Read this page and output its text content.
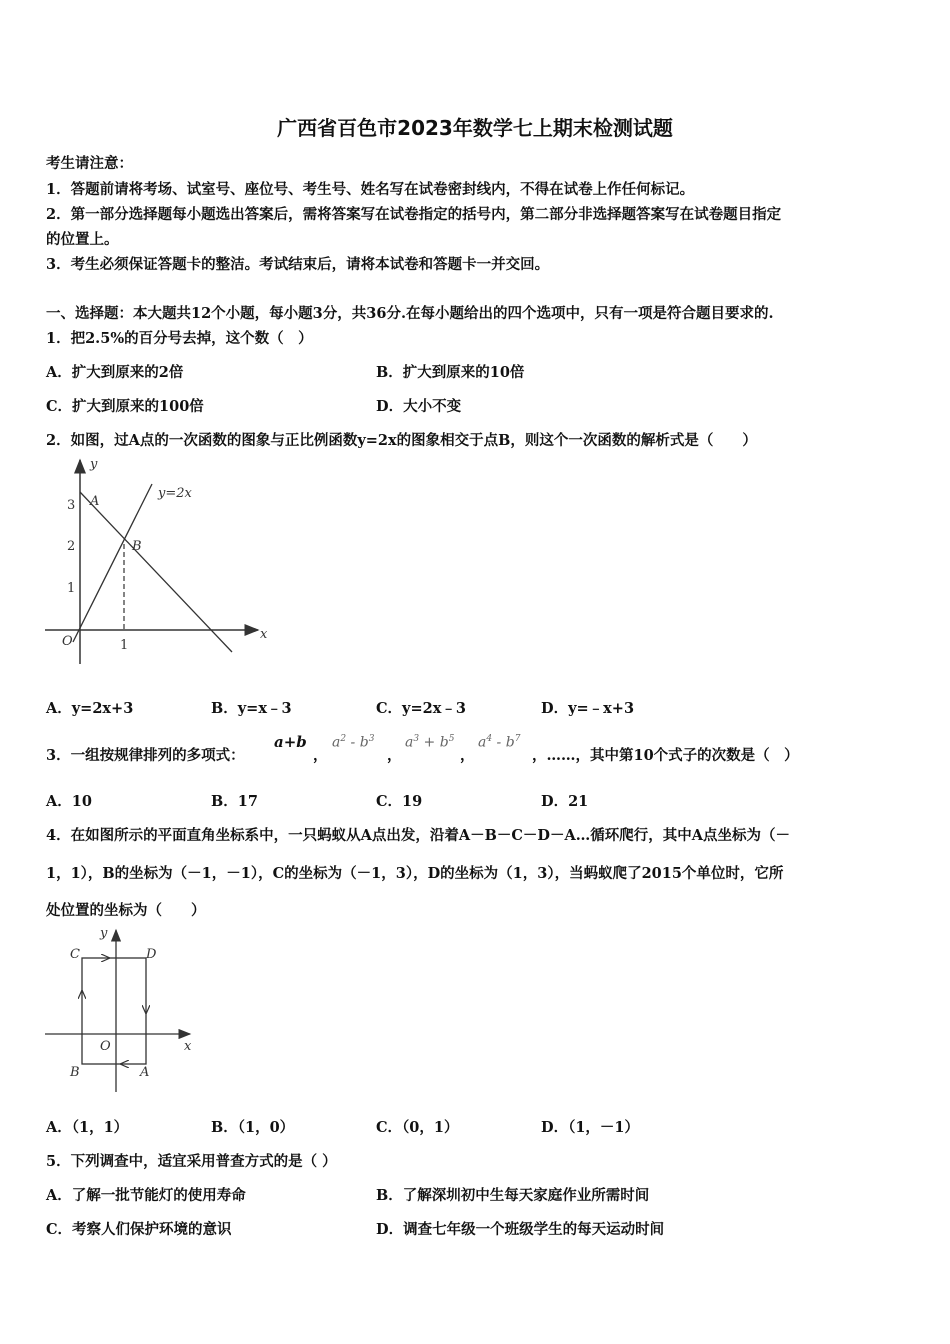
广西省百色市2023年数学七上期末检测试题
考生请注意：
1．答题前请将考场、试室号、座位号、考生号、姓名写在试卷密封线内，不得在试卷上作任何标记。
2．第一部分选择题每小题选出答案后，需将答案写在试卷指定的括号内，第二部分非选择题答案写在试卷题目指定
的位置上。
3．考生必须保证答题卡的整洁。考试结束后，请将本试卷和答题卡一并交回。
一、选择题：本大题共12个小题，每小题3分，共36分.在每小题给出的四个选项中，只有一项是符合题目要求的.
1．把2.5%的百分号去掉，这个数（　）
A．扩大到原来的2倍	B．扩大到原来的10倍
C．扩大到原来的100倍	D．大小不变
2．如图，过A点的一次函数的图象与正比例函数y=2x的图象相交于点B，则这个一次函数的解析式是（　　）
y
x
O
y=2x
A
B
3
2
1
1
A．y=2x+3	B．y=x﹣3	C．y=2x﹣3	D．y=﹣x+3
3．一组按规律排列的多项式：
a+b
，
$a^2 - b^3$
，
$a^3 + b^5$
，
$a^4 - b^7$
，……，其中第10个式子的次数是（　）
A．10	B．17	C．19	D．21
4．在如图所示的平面直角坐标系中，一只蚂蚁从A点出发，沿着A－B－C－D－A…循环爬行，其中A点坐标为（－
1，1），B的坐标为（－1，－1），C的坐标为（－1，3），D的坐标为（1，3），当蚂蚁爬了2015个单位时，它所
处位置的坐标为（　　）
y
x
O
C	D
B	A
A．（1，1）	B．（1，0）	C．（0，1）	D．（1，－1）
5．下列调查中，适宜采用普查方式的是（ ）
A．了解一批节能灯的使用寿命	B．了解深圳初中生每天家庭作业所需时间
C．考察人们保护环境的意识	D．调查七年级一个班级学生的每天运动时间
